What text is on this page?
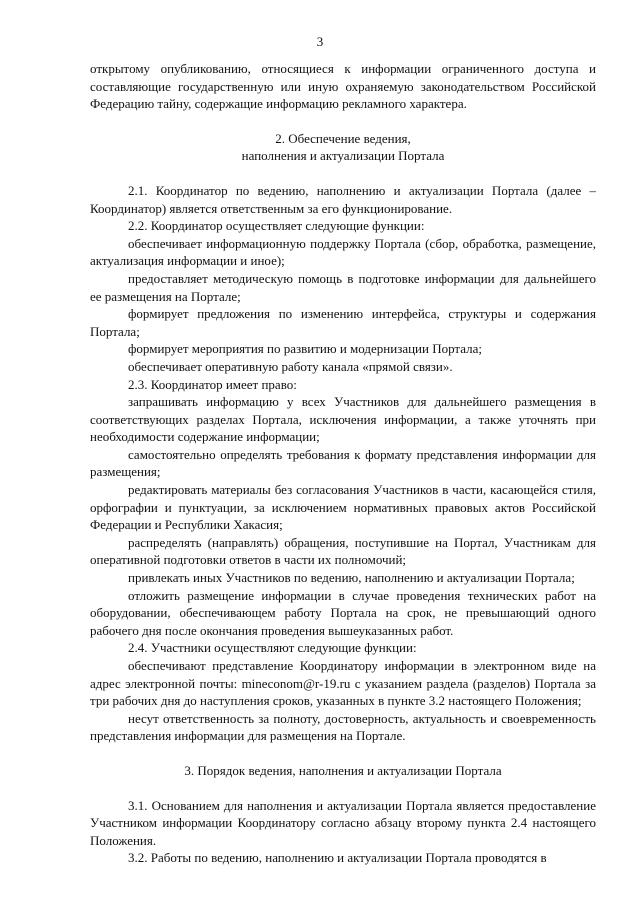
3

открытому опубликованию, относящиеся к информации ограниченного доступа и составляющие государственную или иную охраняемую законодательством Российской Федерацию тайну, содержащие информацию рекламного характера.

2. Обеспечение ведения,

наполнения и актуализации Портала

2.1. Координатор по ведению, наполнению и актуализации Портала (далее – Координатор) является ответственным за его функционирование.

2.2. Координатор осуществляет следующие функции:

обеспечивает информационную поддержку Портала (сбор, обработка, размещение, актуализация информации и иное);

предоставляет методическую помощь в подготовке информации для дальнейшего ее размещения на Портале;

формирует предложения по изменению интерфейса, структуры и содержания Портала;

формирует мероприятия по развитию и модернизации Портала;

обеспечивает оперативную работу канала «прямой связи».

2.3. Координатор имеет право:

запрашивать информацию у всех Участников для дальнейшего размещения в соответствующих разделах Портала, исключения информации, а также уточнять при необходимости содержание информации;

самостоятельно определять требования к формату представления информации для размещения;

редактировать материалы без согласования Участников в части, касающейся стиля, орфографии и пунктуации, за исключением нормативных правовых актов Российской Федерации и Республики Хакасия;

распределять (направлять) обращения, поступившие на Портал, Участникам для оперативной подготовки ответов в части их полномочий;

привлекать иных Участников по ведению, наполнению и актуализации Портала;

отложить размещение информации в случае проведения технических работ на оборудовании, обеспечивающем работу Портала на срок, не превышающий одного рабочего дня после окончания проведения вышеуказанных работ.

2.4. Участники осуществляют следующие функции:

обеспечивают представление Координатору информации в электронном виде на адрес электронной почты: mineconom@r-19.ru с указанием раздела (разделов) Портала за три рабочих дня до наступления сроков, указанных в пункте 3.2 настоящего Положения;

несут ответственность за полноту, достоверность, актуальность и своевременность представления информации для размещения на Портале.

3. Порядок ведения, наполнения и актуализации Портала

3.1. Основанием для наполнения и актуализации Портала является предоставление Участником информации Координатору согласно абзацу второму пункта 2.4 настоящего Положения.

3.2. Работы по ведению, наполнению и актуализации Портала проводятся в
